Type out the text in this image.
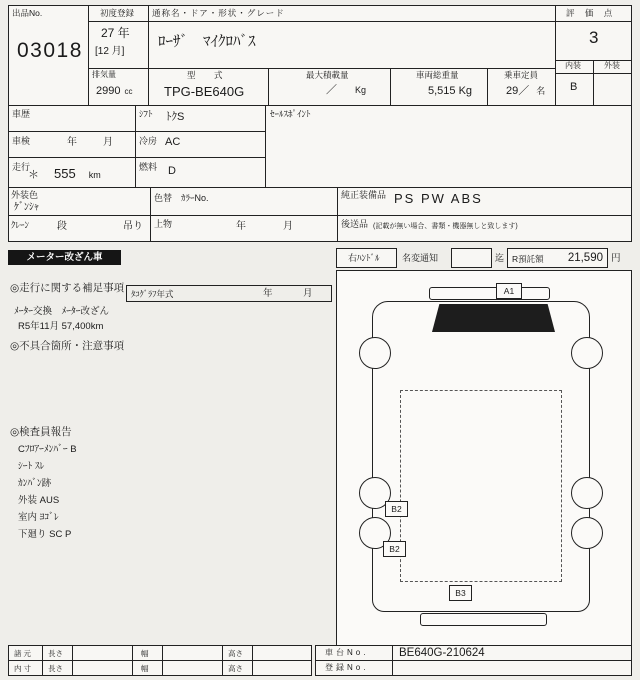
出品No.
03018
初度登録
27 年
[12 月]
通称名・ドア・形状・グレード
ﾛｰｻﾞ　ﾏｲｸﾛﾊﾞｽ
評 価 点
3
内装	外装
B
排気量
2990 cc
型　式
TPG-BE640G
最大積載量
／ Kg
車両総重量
5,515 Kg
乗車定員
29／ 名
車歴	ｼﾌﾄ ﾄｸS
車検	年	月	冷房 AC
走行
＊ 555 km
燃料 D
ｾｰﾙｽﾎﾟｲﾝﾄ
外装色
ｹﾞﾝｼｬ
色替 ｶﾗｰNo.	純正装備品 PS PW ABS
ｸﾚｰﾝ	段	吊り 上物	年	月	後送品 (記載が無い場合、書類・機器無しと致します)
メーター改ざん車	右ﾊﾝﾄﾞﾙ 名変通知	迄 R預託額 21,590 円
◎走行に関する補足事項 ﾀｺｸﾞﾗﾌ年式	年	月
ﾒｰﾀｰ交換　ﾒｰﾀｰ改ざん
R5年11月 57,400km
◎不具合箇所・注意事項
◎検査員報告
Cﾌﾛｱｰﾒﾝﾊﾞｰ B
ｼｰﾄ ｽﾚ
ｶﾝﾊﾞﾝ跡
外装 AUS
室内 ﾖｺﾞﾚ
下廻り SC P
A1
B2
B2
B3
諸元 長さ	幅	高さ
内寸 長さ	幅	高さ
車台No.	BE640G-210624
登録No.
